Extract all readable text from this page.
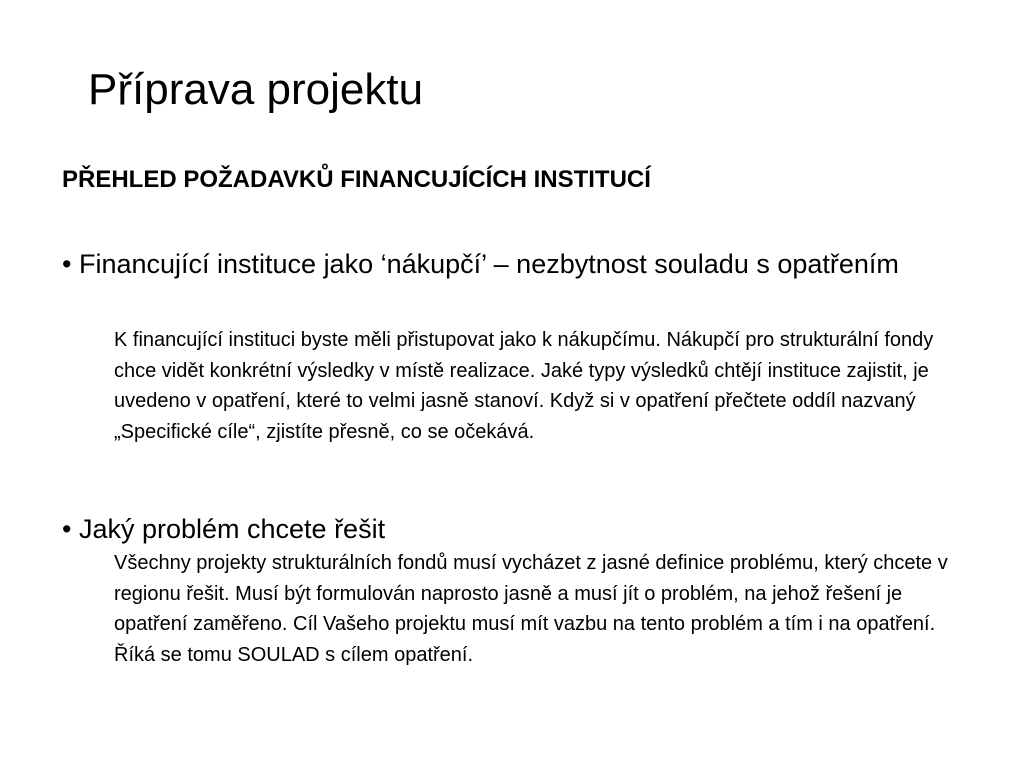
Příprava projektu
PŘEHLED POŽADAVKŮ FINANCUJÍCÍCH INSTITUCÍ

• Financující instituce jako ‘nákupčí’ – nezbytnost souladu s opatřením

K financující instituci byste měli přistupovat jako k nákupčímu. Nákupčí pro strukturální fondy chce vidět konkrétní výsledky v místě realizace. Jaké typy výsledků chtějí instituce zajistit, je uvedeno v opatření, které to velmi jasně stanoví. Když si v opatření přečtete oddíl nazvaný „Specifické cíle“, zjistíte přesně, co se očekává.

• Jaký problém chcete řešit

Všechny projekty strukturálních fondů musí vycházet z jasné definice problému, který chcete v regionu řešit. Musí být formulován naprosto jasně a musí jít o problém, na jehož řešení je opatření zaměřeno. Cíl Vašeho projektu musí mít vazbu na tento problém a tím i na opatření. Říká se tomu SOULAD s cílem opatření.
